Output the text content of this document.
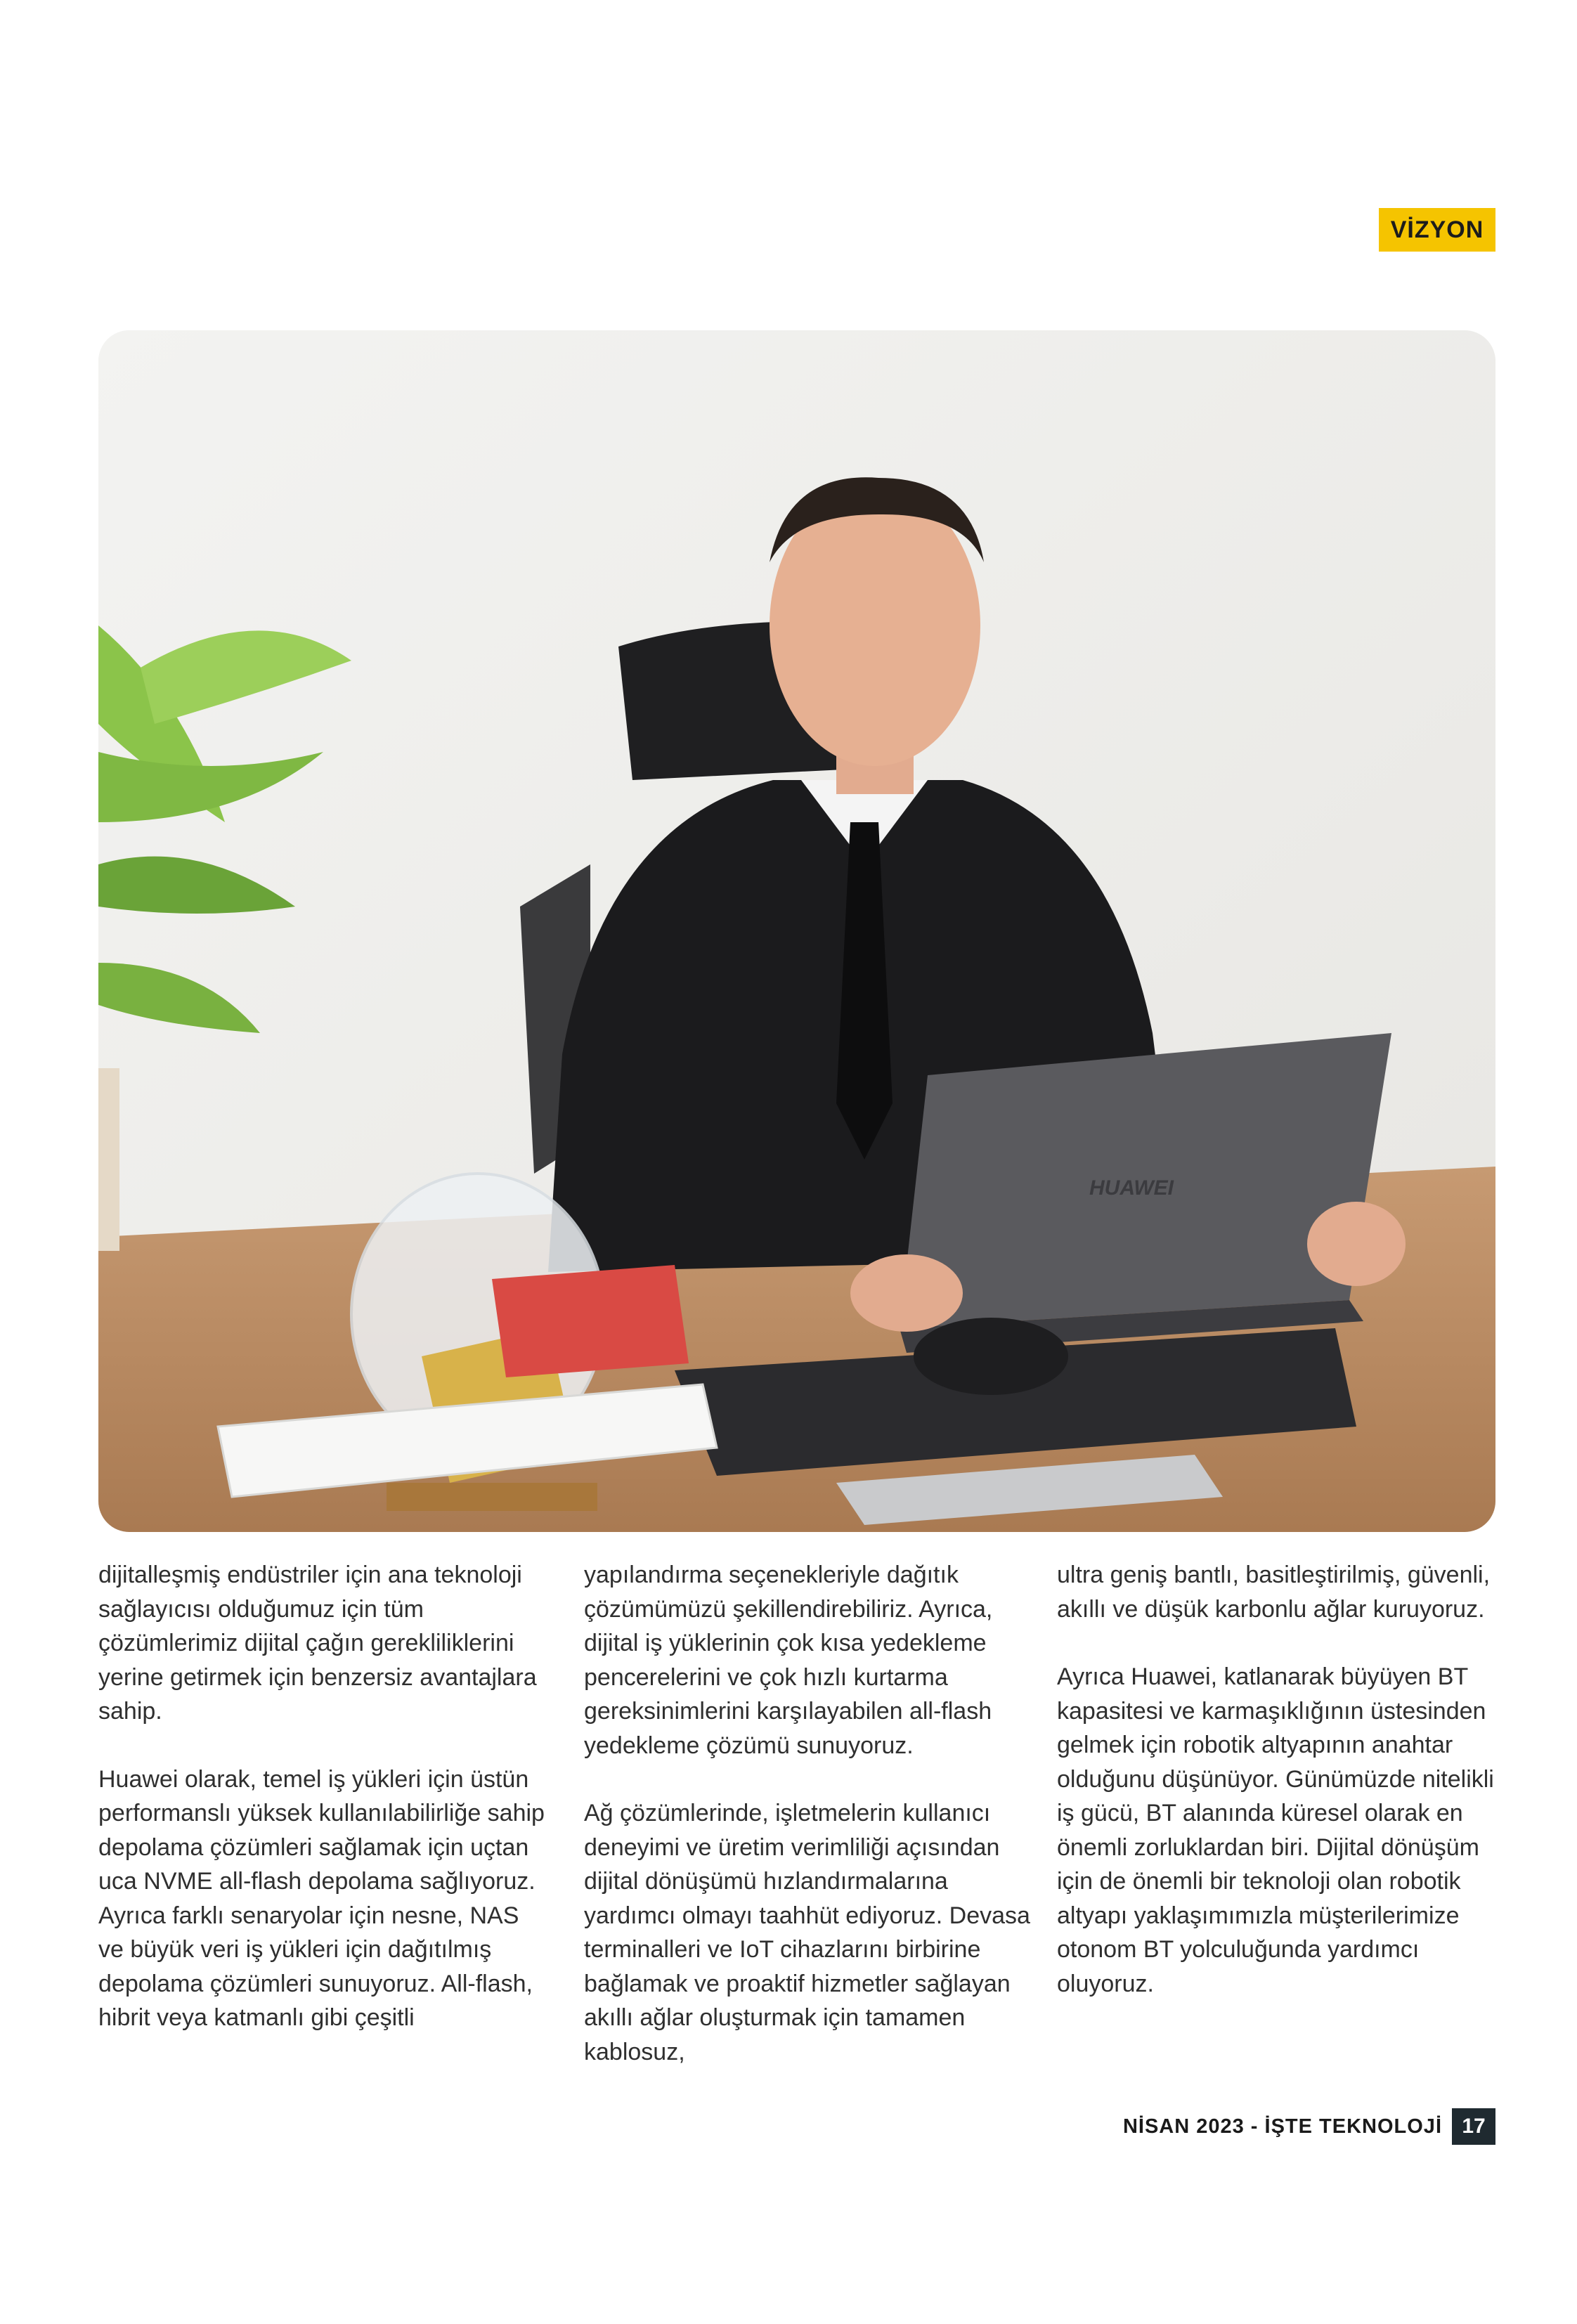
VİZYON
HUAWEI

dijitalleşmiş endüstriler için ana teknoloji sağlayıcısı olduğumuz için tüm çözümlerimiz dijital çağın gerekliliklerini yerine getirmek için benzersiz avantajlara sahip.

Huawei olarak, temel iş yükleri için üstün performanslı yüksek kullanılabilirliğe sahip depolama çözümleri sağlamak için uçtan uca NVME all-flash depolama sağlıyoruz. Ayrıca farklı senaryolar için nesne, NAS ve büyük veri iş yükleri için dağıtılmış depolama çözümleri sunuyoruz. All-flash, hibrit veya katmanlı gibi çeşitli

yapılandırma seçenekleriyle dağıtık çözümümüzü şekillendirebiliriz. Ayrıca, dijital iş yüklerinin çok kısa yedekleme pencerelerini ve çok hızlı kurtarma gereksinimlerini karşılayabilen all-flash yedekleme çözümü sunuyoruz.

Ağ çözümlerinde, işletmelerin kullanıcı deneyimi ve üretim verimliliği açısından dijital dönüşümü hızlandırmalarına yardımcı olmayı taahhüt ediyoruz. Devasa terminalleri ve IoT cihazlarını birbirine bağlamak ve proaktif hizmetler sağlayan akıllı ağlar oluşturmak için tamamen kablosuz,

ultra geniş bantlı, basitleştirilmiş, güvenli, akıllı ve düşük karbonlu ağlar kuruyoruz.

Ayrıca Huawei, katlanarak büyüyen BT kapasitesi ve karmaşıklığının üstesinden gelmek için robotik altyapının anahtar olduğunu düşünüyor. Günümüzde nitelikli iş gücü, BT alanında küresel olarak en önemli zorluklardan biri. Dijital dönüşüm için de önemli bir teknoloji olan robotik altyapı yaklaşımımızla müşterilerimize otonom BT yolculuğunda yardımcı oluyoruz.

NİSAN 2023 - İŞTE TEKNOLOJİ 17
